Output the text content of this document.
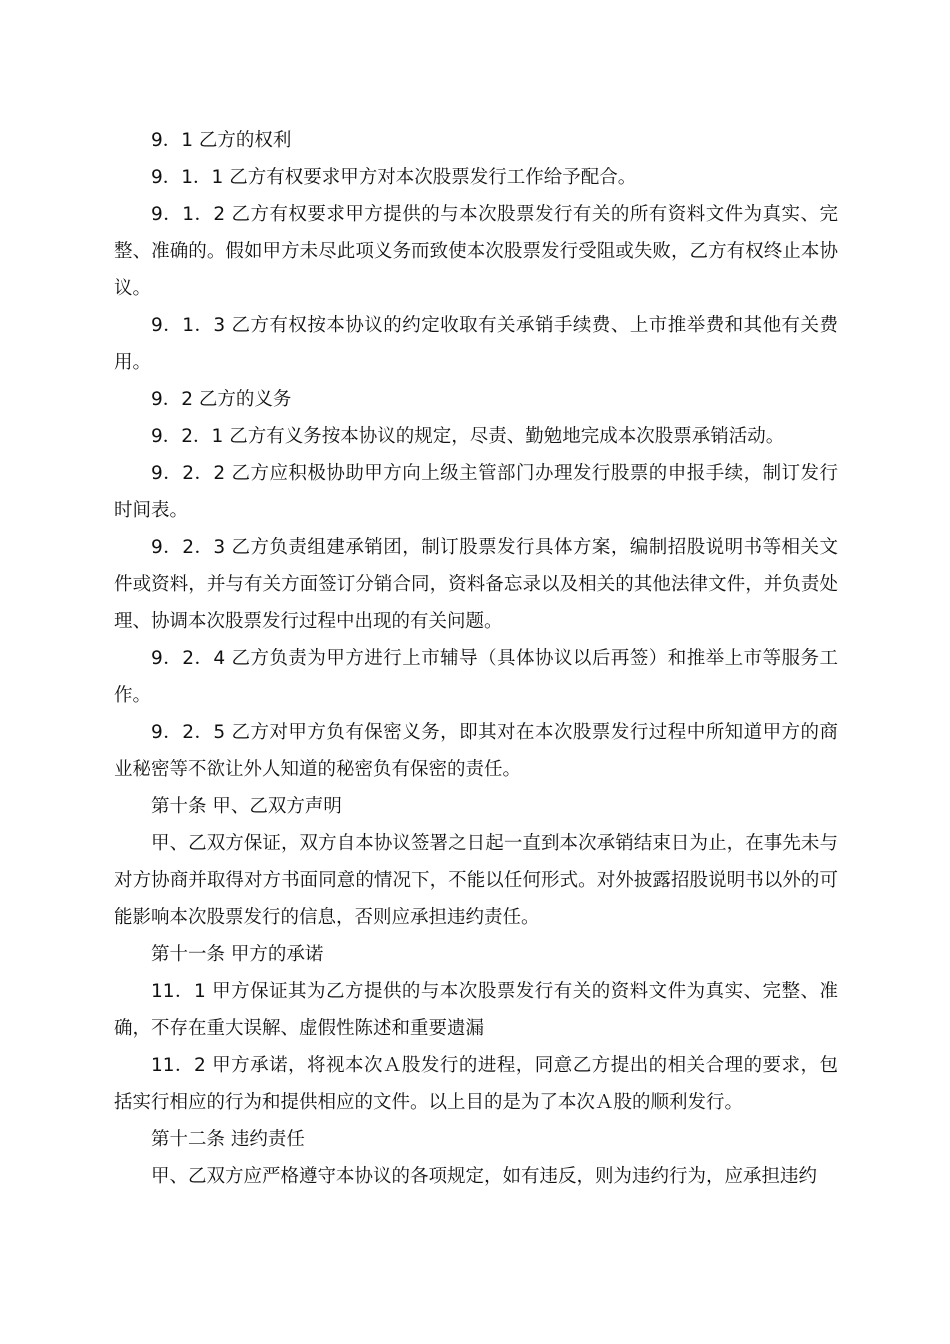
9．1 乙方的权利

9．1．1 乙方有权要求甲方对本次股票发行工作给予配合。

9．1．2 乙方有权要求甲方提供的与本次股票发行有关的所有资料文件为真实、完整、准确的。假如甲方未尽此项义务而致使本次股票发行受阻或失败，乙方有权终止本协议。

9．1．3 乙方有权按本协议的约定收取有关承销手续费、上市推举费和其他有关费用。

9．2 乙方的义务

9．2．1 乙方有义务按本协议的规定，尽责、勤勉地完成本次股票承销活动。

9．2．2 乙方应积极协助甲方向上级主管部门办理发行股票的申报手续，制订发行时间表。

9．2．3 乙方负责组建承销团，制订股票发行具体方案，编制招股说明书等相关文件或资料，并与有关方面签订分销合同，资料备忘录以及相关的其他法律文件，并负责处理、协调本次股票发行过程中出现的有关问题。

9．2．4 乙方负责为甲方进行上市辅导（具体协议以后再签）和推举上市等服务工作。

9．2．5 乙方对甲方负有保密义务，即其对在本次股票发行过程中所知道甲方的商业秘密等不欲让外人知道的秘密负有保密的责任。

第十条 甲、乙双方声明

甲、乙双方保证，双方自本协议签署之日起一直到本次承销结束日为止，在事先未与对方协商并取得对方书面同意的情况下，不能以任何形式。对外披露招股说明书以外的可能影响本次股票发行的信息，否则应承担违约责任。

第十一条 甲方的承诺

11．1 甲方保证其为乙方提供的与本次股票发行有关的资料文件为真实、完整、准确，不存在重大误解、虚假性陈述和重要遗漏

11．2 甲方承诺，将视本次Ａ股发行的进程，同意乙方提出的相关合理的要求，包括实行相应的行为和提供相应的文件。以上目的是为了本次Ａ股的顺利发行。

第十二条 违约责任

甲、乙双方应严格遵守本协议的各项规定，如有违反，则为违约行为，应承担违约
